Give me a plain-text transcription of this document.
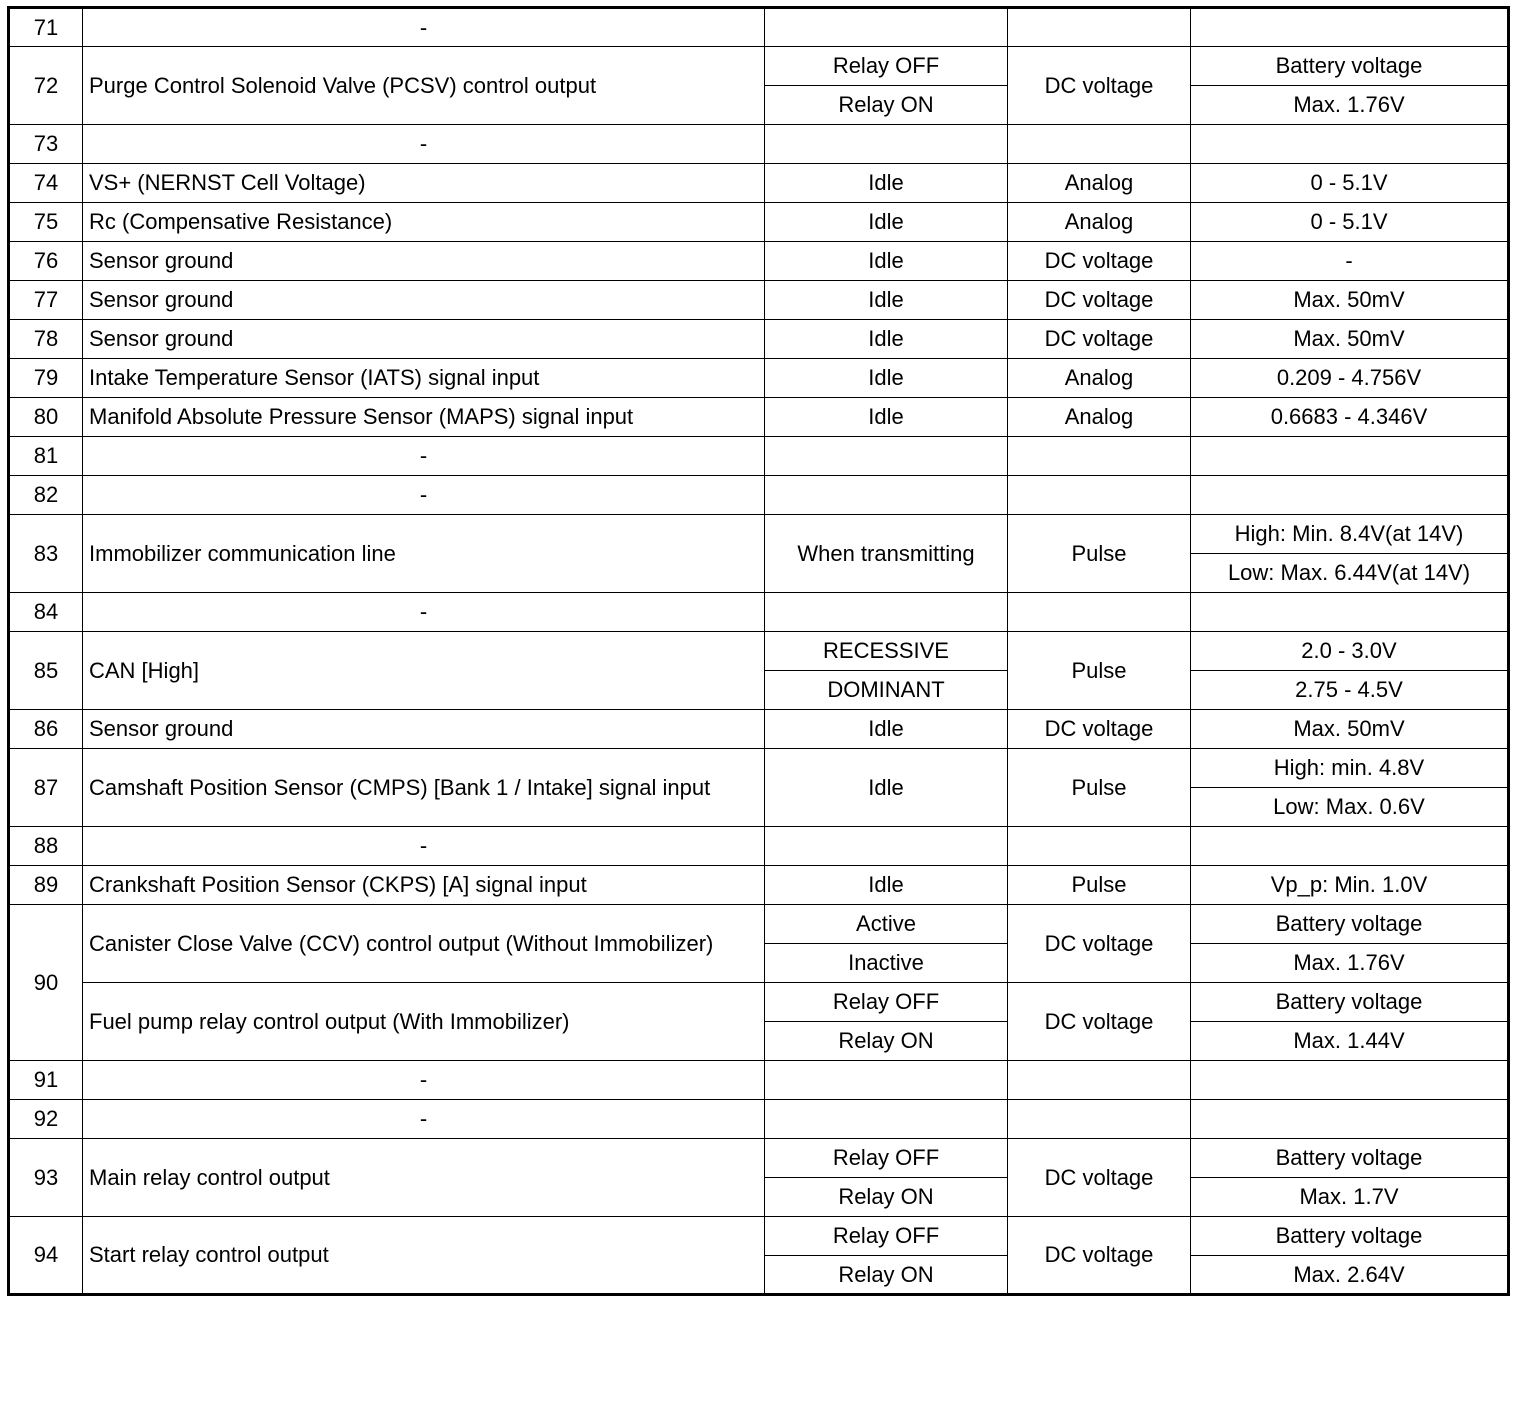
71	-			
72	Purge Control Solenoid Valve (PCSV) control output	Relay OFF	DC voltage	Battery voltage
		Relay ON		Max. 1.76V
73	-			
74	VS+ (NERNST Cell Voltage)	Idle	Analog	0 - 5.1V
75	Rc (Compensative Resistance)	Idle	Analog	0 - 5.1V
76	Sensor ground	Idle	DC voltage	-
77	Sensor ground	Idle	DC voltage	Max. 50mV
78	Sensor ground	Idle	DC voltage	Max. 50mV
79	Intake Temperature Sensor (IATS) signal input	Idle	Analog	0.209 - 4.756V
80	Manifold Absolute Pressure Sensor (MAPS) signal input	Idle	Analog	0.6683 - 4.346V
81	-			
82	-			
83	Immobilizer communication line	When transmitting	Pulse	High: Min. 8.4V(at 14V)
				Low: Max. 6.44V(at 14V)
84	-			
85	CAN [High]	RECESSIVE	Pulse	2.0 - 3.0V
		DOMINANT		2.75 - 4.5V
86	Sensor ground	Idle	DC voltage	Max. 50mV
87	Camshaft Position Sensor (CMPS) [Bank 1 / Intake] signal input	Idle	Pulse	High: min. 4.8V
				Low: Max. 0.6V
88	-			
89	Crankshaft Position Sensor (CKPS) [A] signal input	Idle	Pulse	Vp_p: Min. 1.0V
90	Canister Close Valve (CCV) control output (Without Immobilizer)	Active	DC voltage	Battery voltage
		Inactive		Max. 1.76V
	Fuel pump relay control output (With Immobilizer)	Relay OFF	DC voltage	Battery voltage
		Relay ON		Max. 1.44V
91	-			
92	-			
93	Main relay control output	Relay OFF	DC voltage	Battery voltage
		Relay ON		Max. 1.7V
94	Start relay control output	Relay OFF	DC voltage	Battery voltage
		Relay ON		Max. 2.64V
